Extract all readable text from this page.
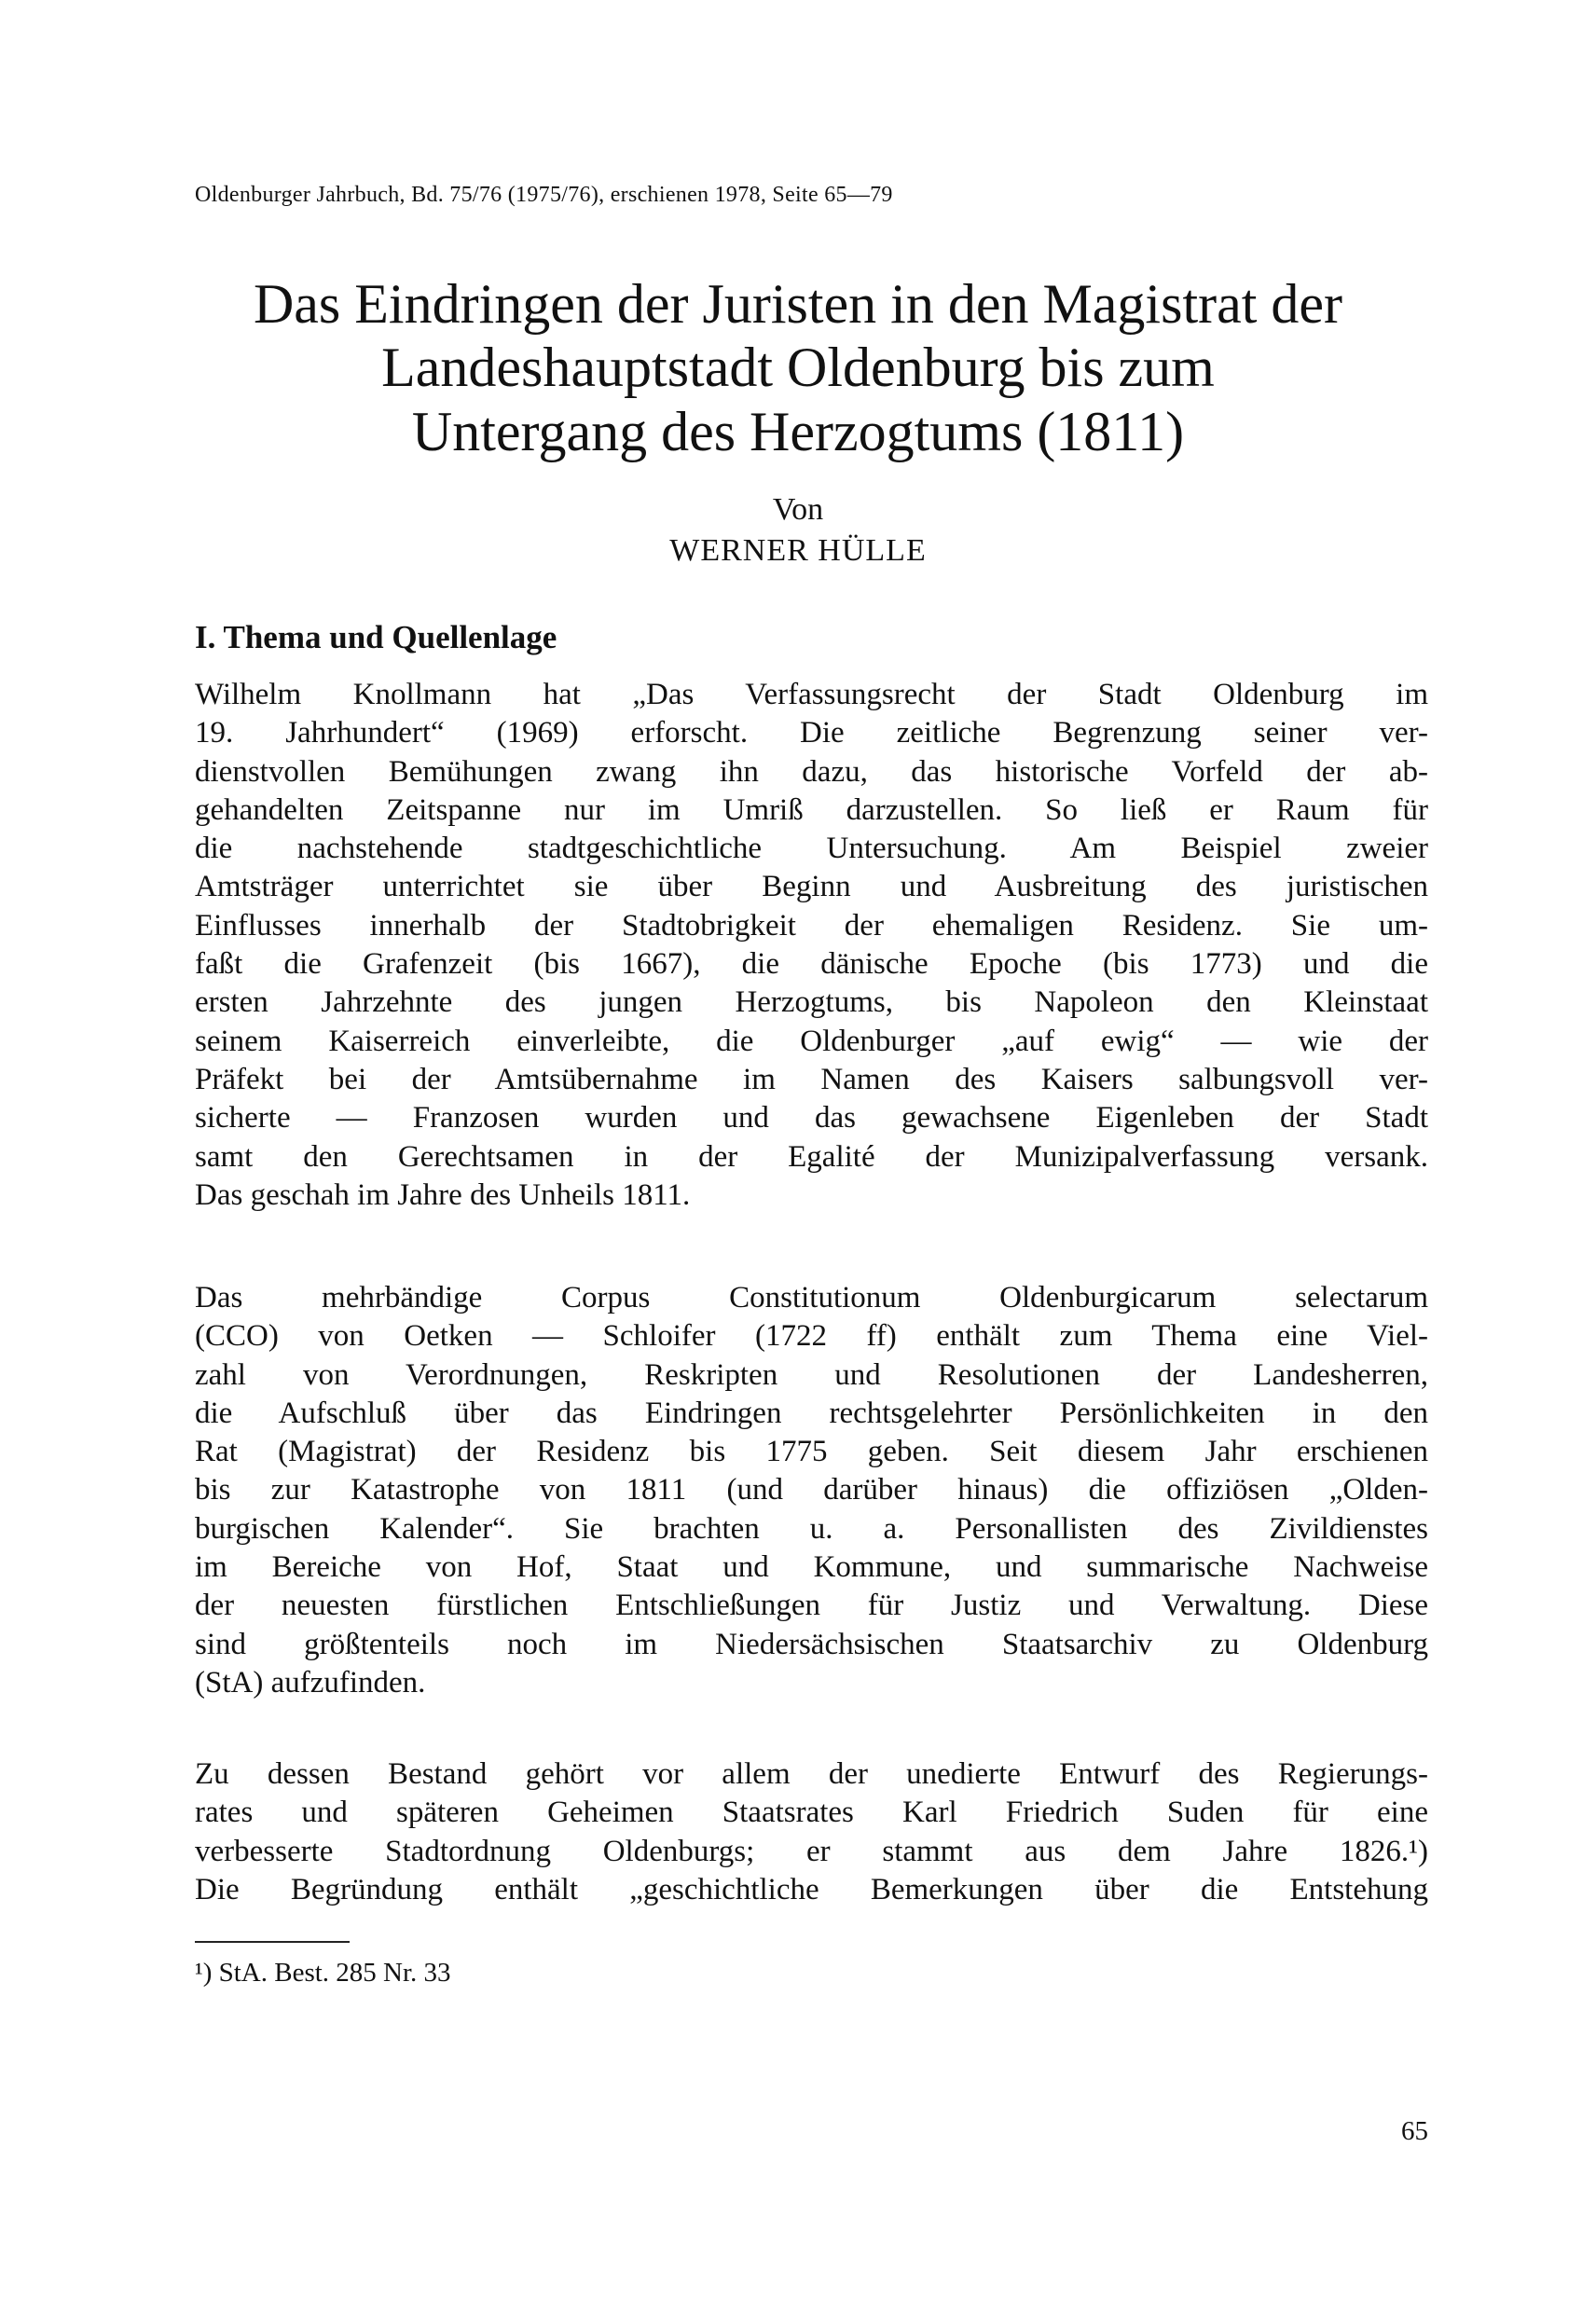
Oldenburger Jahrbuch, Bd. 75/76 (1975/76), erschienen 1978, Seite 65—79
Das Eindringen der Juristen in den Magistrat der
Landeshauptstadt Oldenburg bis zum
Untergang des Herzogtums (1811)
Von
WERNER HÜLLE
I. Thema und Quellenlage
Wilhelm Knollmann hat „Das Verfassungsrecht der Stadt Oldenburg im
19. Jahrhundert“ (1969) erforscht. Die zeitliche Begrenzung seiner ver-
dienstvollen Bemühungen zwang ihn dazu, das historische Vorfeld der ab-
gehandelten Zeitspanne nur im Umriß darzustellen. So ließ er Raum für
die nachstehende stadtgeschichtliche Untersuchung. Am Beispiel zweier
Amtsträger unterrichtet sie über Beginn und Ausbreitung des juristischen
Einflusses innerhalb der Stadtobrigkeit der ehemaligen Residenz. Sie um-
faßt die Grafenzeit (bis 1667), die dänische Epoche (bis 1773) und die
ersten Jahrzehnte des jungen Herzogtums, bis Napoleon den Kleinstaat
seinem Kaiserreich einverleibte, die Oldenburger „auf ewig“ — wie der
Präfekt bei der Amtsübernahme im Namen des Kaisers salbungsvoll ver-
sicherte — Franzosen wurden und das gewachsene Eigenleben der Stadt
samt den Gerechtsamen in der Egalité der Munizipalverfassung versank.
Das geschah im Jahre des Unheils 1811.
Das mehrbändige Corpus Constitutionum Oldenburgicarum selectarum
(CCO) von Oetken — Schloifer (1722 ff) enthält zum Thema eine Viel-
zahl von Verordnungen, Reskripten und Resolutionen der Landesherren,
die Aufschluß über das Eindringen rechtsgelehrter Persönlichkeiten in den
Rat (Magistrat) der Residenz bis 1775 geben. Seit diesem Jahr erschienen
bis zur Katastrophe von 1811 (und darüber hinaus) die offiziösen „Olden-
burgischen Kalender“. Sie brachten u. a. Personallisten des Zivildienstes
im Bereiche von Hof, Staat und Kommune, und summarische Nachweise
der neuesten fürstlichen Entschließungen für Justiz und Verwaltung. Diese
sind größtenteils noch im Niedersächsischen Staatsarchiv zu Oldenburg
(StA) aufzufinden.
Zu dessen Bestand gehört vor allem der unedierte Entwurf des Regierungs-
rates und späteren Geheimen Staatsrates Karl Friedrich Suden für eine
verbesserte Stadtordnung Oldenburgs; er stammt aus dem Jahre 1826.¹)
Die Begründung enthält „geschichtliche Bemerkungen über die Entstehung
¹) StA. Best. 285 Nr. 33
65
